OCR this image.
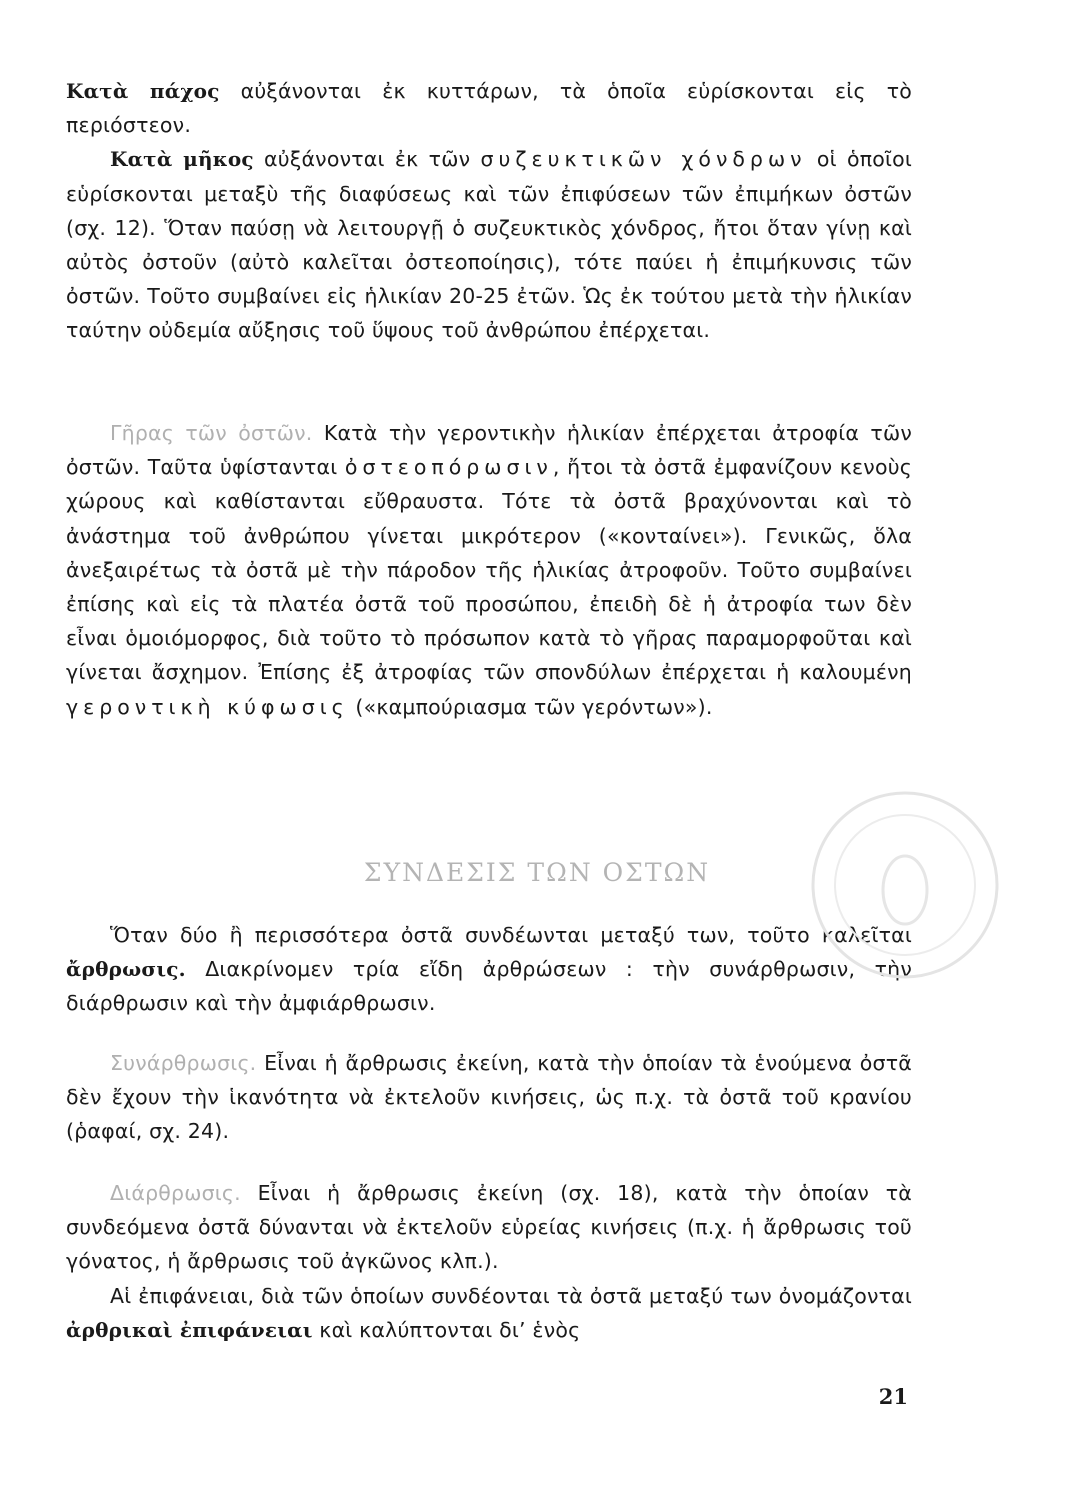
Κατὰ πάχος αὐξάνονται ἐκ κυττάρων, τὰ ὁποῖα εὑρίσκονται εἰς τὸ περιόστεον.

Κατὰ μῆκος αὐξάνονται ἐκ τῶν συζευκτικῶν χόνδρων οἱ ὁποῖοι εὑρίσκονται μεταξὺ τῆς διαφύσεως καὶ τῶν ἐπιφύσεων τῶν ἐπιμήκων ὀστῶν (σχ. 12). Ὅταν παύσῃ νὰ λειτουργῇ ὁ συζευκτικὸς χόνδρος, ἤτοι ὅταν γίνῃ καὶ αὐτὸς ὀστοῦν (αὐτὸ καλεῖται ὀστεοποίησις), τότε παύει ἡ ἐπιμήκυνσις τῶν ὀστῶν. Τοῦτο συμβαίνει εἰς ἡλικίαν 20-25 ἐτῶν. Ὡς ἐκ τούτου μετὰ τὴν ἡλικίαν ταύτην οὐδεμία αὔξησις τοῦ ὕψους τοῦ ἀνθρώπου ἐπέρχεται.

Γῆρας τῶν ὀστῶν. Κατὰ τὴν γεροντικὴν ἡλικίαν ἐπέρχεται ἀτροφία τῶν ὀστῶν. Ταῦτα ὑφίστανται ὀστεοπόρωσιν, ἤτοι τὰ ὀστᾶ ἐμφανίζουν κενοὺς χώρους καὶ καθίστανται εὔθραυστα. Τότε τὰ ὀστᾶ βραχύνονται καὶ τὸ ἀνάστημα τοῦ ἀνθρώπου γίνεται μικρότερον («κονταίνει»). Γενικῶς, ὅλα ἀνεξαιρέτως τὰ ὀστᾶ μὲ τὴν πάροδον τῆς ἡλικίας ἀτροφοῦν. Τοῦτο συμβαίνει ἐπίσης καὶ εἰς τὰ πλατέα ὀστᾶ τοῦ προσώπου, ἐπειδὴ δὲ ἡ ἀτροφία των δὲν εἶναι ὁμοιόμορφος, διὰ τοῦτο τὸ πρόσωπον κατὰ τὸ γῆρας παραμορφοῦται καὶ γίνεται ἄσχημον. Ἐπίσης ἐξ ἀτροφίας τῶν σπονδύλων ἐπέρχεται ἡ καλουμένη γεροντικὴ κύφωσις («καμπούριασμα τῶν γερόντων»).

ΣΥΝΔΕΣΙΣ ΤΩΝ ΟΣΤΩΝ

Ὅταν δύο ἢ περισσότερα ὀστᾶ συνδέωνται μεταξύ των, τοῦτο καλεῖται ἄρθρωσις. Διακρίνομεν τρία εἴδη ἀρθρώσεων : τὴν συνάρθρωσιν, τὴν διάρθρωσιν καὶ τὴν ἀμφιάρθρωσιν.

Συνάρθρωσις. Εἶναι ἡ ἄρθρωσις ἐκείνη, κατὰ τὴν ὁποίαν τὰ ἑνούμενα ὀστᾶ δὲν ἔχουν τὴν ἱκανότητα νὰ ἐκτελοῦν κινήσεις, ὡς π.χ. τὰ ὀστᾶ τοῦ κρανίου (ῥαφαί, σχ. 24).

Διάρθρωσις. Εἶναι ἡ ἄρθρωσις ἐκείνη (σχ. 18), κατὰ τὴν ὁποίαν τὰ συνδεόμενα ὀστᾶ δύνανται νὰ ἐκτελοῦν εὑρείας κινήσεις (π.χ. ἡ ἄρθρωσις τοῦ γόνατος, ἡ ἄρθρωσις τοῦ ἀγκῶνος κλπ.).

Αἱ ἐπιφάνειαι, διὰ τῶν ὁποίων συνδέονται τὰ ὀστᾶ μεταξύ των ὀνομάζονται ἀρθρικαὶ ἐπιφάνειαι καὶ καλύπτονται δι’ ἑνὸς

21
